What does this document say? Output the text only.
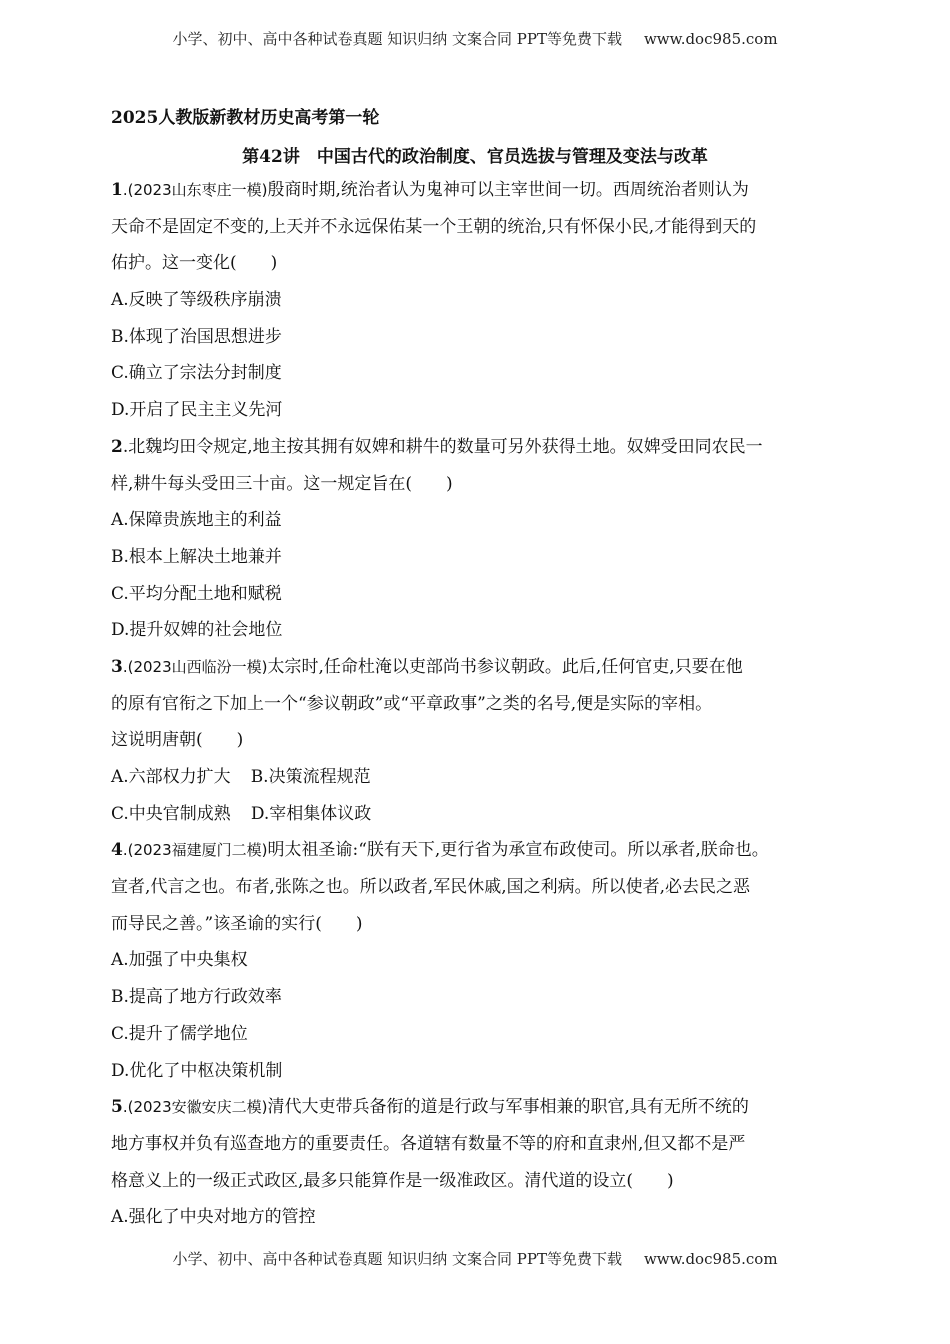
小学、初中、高中各种试卷真题 知识归纳 文案合同 PPT等免费下载 www.doc985.com
2025人教版新教材历史高考第一轮
第42讲　中国古代的政治制度、官员选拔与管理及变法与改革
1.(2023山东枣庄一模)殷商时期,统治者认为鬼神可以主宰世间一切。西周统治者则认为
天命不是固定不变的,上天并不永远保佑某一个王朝的统治,只有怀保小民,才能得到天的
佑护。这一变化(　　)
A.反映了等级秩序崩溃
B.体现了治国思想进步
C.确立了宗法分封制度
D.开启了民主主义先河
2.北魏均田令规定,地主按其拥有奴婢和耕牛的数量可另外获得土地。奴婢受田同农民一
样,耕牛每头受田三十亩。这一规定旨在(　　)
A.保障贵族地主的利益
B.根本上解决土地兼并
C.平均分配土地和赋税
D.提升奴婢的社会地位
3.(2023山西临汾一模)太宗时,任命杜淹以吏部尚书参议朝政。此后,任何官吏,只要在他
的原有官衔之下加上一个“参议朝政”或“平章政事”之类的名号,便是实际的宰相。
这说明唐朝(　　)
A.六部权力扩大 B.决策流程规范
C.中央官制成熟 D.宰相集体议政
4.(2023福建厦门二模)明太祖圣谕:“朕有天下,更行省为承宣布政使司。所以承者,朕命也。
宣者,代言之也。布者,张陈之也。所以政者,军民休戚,国之利病。所以使者,必去民之恶
而导民之善。”该圣谕的实行(　　)
A.加强了中央集权
B.提高了地方行政效率
C.提升了儒学地位
D.优化了中枢决策机制
5.(2023安徽安庆二模)清代大吏带兵备衔的道是行政与军事相兼的职官,具有无所不统的
地方事权并负有巡查地方的重要责任。各道辖有数量不等的府和直隶州,但又都不是严
格意义上的一级正式政区,最多只能算作是一级准政区。清代道的设立(　　)
A.强化了中央对地方的管控
小学、初中、高中各种试卷真题 知识归纳 文案合同 PPT等免费下载 www.doc985.com
